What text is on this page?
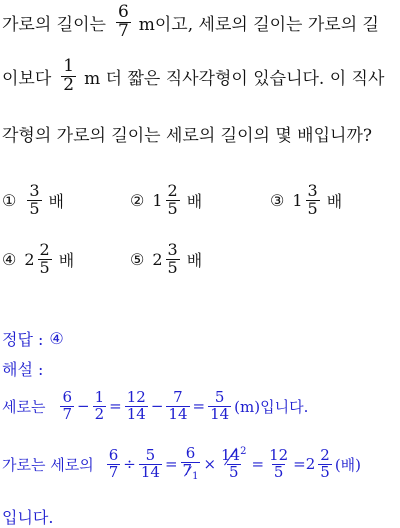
가로의 길이는 $\frac{6}{7}$ m이고, 세로의 길이는 가로의 길
이보다 $\frac{1}{2}$ m 더 짧은 직사각형이 있습니다. 이 직사
각형의 가로의 길이는 세로의 길이의 몇 배입니까?
① $\frac{3}{5}$ 배	② $1 \frac{2}{5}$ 배	③ $1 \frac{3}{5}$ 배
④ $2 \frac{2}{5}$ 배	⑤ $2 \frac{3}{5}$ 배
정답 : ④
해설 :
세로는 $\frac{6}{7} - \frac{1}{2} = \frac{12}{14} - \frac{7}{14} = \frac{5}{14} (m)$입니다.
가로는 세로의 $\frac{6}{7} \div \frac{5}{14} = \frac{6}{7_1} \times \frac{14^2}{5} = \frac{12}{5} = 2 \frac{2}{5}$ (배)
입니다.
